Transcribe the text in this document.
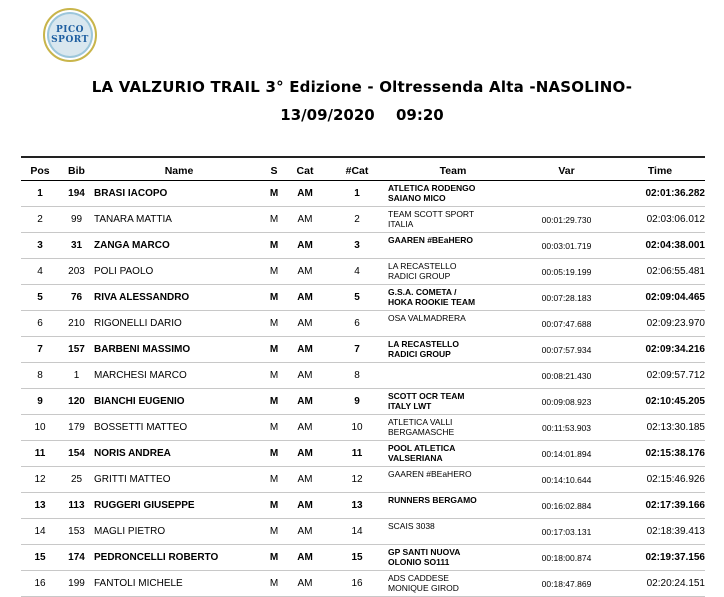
PICO
SPORT
LA VALZURIO TRAIL 3° Edizione - Oltressenda Alta -NASOLINO-
13/09/2020 09:20
Pos	Bib	Name	S	Cat	#Cat	Team	Var	Time
1	194	BRASI IACOPO	M	AM	1	ATLETICA RODENGO
SAIANO MICO		02:01:36.282
2	99	TANARA MATTIA	M	AM	2	TEAM SCOTT SPORT
ITALIA	00:01:29.730	02:03:06.012
3	31	ZANGA MARCO	M	AM	3	GAAREN #BEaHERO	00:03:01.719	02:04:38.001
4	203	POLI PAOLO	M	AM	4	LA RECASTELLO
RADICI GROUP	00:05:19.199	02:06:55.481
5	76	RIVA ALESSANDRO	M	AM	5	G.S.A. COMETA /
HOKA ROOKIE TEAM	00:07:28.183	02:09:04.465
6	210	RIGONELLI DARIO	M	AM	6	OSA VALMADRERA	00:07:47.688	02:09:23.970
7	157	BARBENI MASSIMO	M	AM	7	LA RECASTELLO
RADICI GROUP	00:07:57.934	02:09:34.216
8	1	MARCHESI MARCO	M	AM	8		00:08:21.430	02:09:57.712
9	120	BIANCHI EUGENIO	M	AM	9	SCOTT OCR TEAM
ITALY LWT	00:09:08.923	02:10:45.205
10	179	BOSSETTI MATTEO	M	AM	10	ATLETICA VALLI
BERGAMASCHE	00:11:53.903	02:13:30.185
11	154	NORIS ANDREA	M	AM	11	POOL ATLETICA
VALSERIANA	00:14:01.894	02:15:38.176
12	25	GRITTI MATTEO	M	AM	12	GAAREN #BEaHERO	00:14:10.644	02:15:46.926
13	113	RUGGERI GIUSEPPE	M	AM	13	RUNNERS BERGAMO	00:16:02.884	02:17:39.166
14	153	MAGLI PIETRO	M	AM	14	SCAIS 3038	00:17:03.131	02:18:39.413
15	174	PEDRONCELLI ROBERTO	M	AM	15	GP SANTI NUOVA
OLONIO SO111	00:18:00.874	02:19:37.156
16	199	FANTOLI MICHELE	M	AM	16	ADS CADDESE
MONIQUE GIROD	00:18:47.869	02:20:24.151
